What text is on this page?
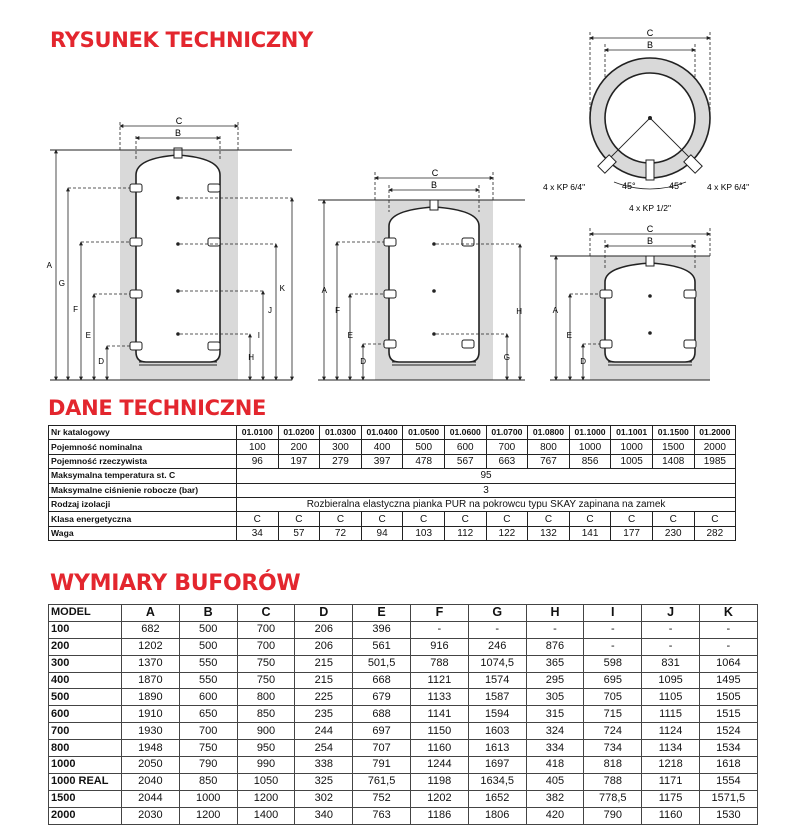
RYSUNEK TECHNICZNY
DANE TECHNICZNE
WYMIARY BUFORÓW
C
B
A
G
F
E
D
K
J
I
H
C
B
A
F
E
D
H
G
C
B
A
E
D
C
B
45°	45°
4 x KP 6/4"	4 x KP 6/4"
4 x KP 1/2"
Nr katalogowy	01.0100	01.0200	01.0300	01.0400	01.0500	01.0600	01.0700	01.0800	01.1000	01.1001	01.1500	01.2000
Pojemność nominalna	100	200	300	400	500	600	700	800	1000	1000	1500	2000
Pojemność rzeczywista	96	197	279	397	478	567	663	767	856	1005	1408	1985
Maksymalna temperatura st. C	95											
Maksymalne ciśnienie robocze (bar)	3											
Rodzaj izolacji	Rozbieralna elastyczna pianka PUR na pokrowcu typu SKAY zapinana na zamek											
Klasa energetyczna	C	C	C	C	C	C	C	C	C	C	C	C
Waga	34	57	72	94	103	112	122	132	141	177	230	282
MODEL	A	B	C	D	E	F	G	H	I	J	K
100	682	500	700	206	396	-	-	-	-	-	-
200	1202	500	700	206	561	916	246	876	-	-	-
300	1370	550	750	215	501,5	788	1074,5	365	598	831	1064
400	1870	550	750	215	668	1121	1574	295	695	1095	1495
500	1890	600	800	225	679	1133	1587	305	705	1105	1505
600	1910	650	850	235	688	1141	1594	315	715	1115	1515
700	1930	700	900	244	697	1150	1603	324	724	1124	1524
800	1948	750	950	254	707	1160	1613	334	734	1134	1534
1000	2050	790	990	338	791	1244	1697	418	818	1218	1618
1000 REAL	2040	850	1050	325	761,5	1198	1634,5	405	788	1171	1554
1500	2044	1000	1200	302	752	1202	1652	382	778,5	1175	1571,5
2000	2030	1200	1400	340	763	1186	1806	420	790	1160	1530
